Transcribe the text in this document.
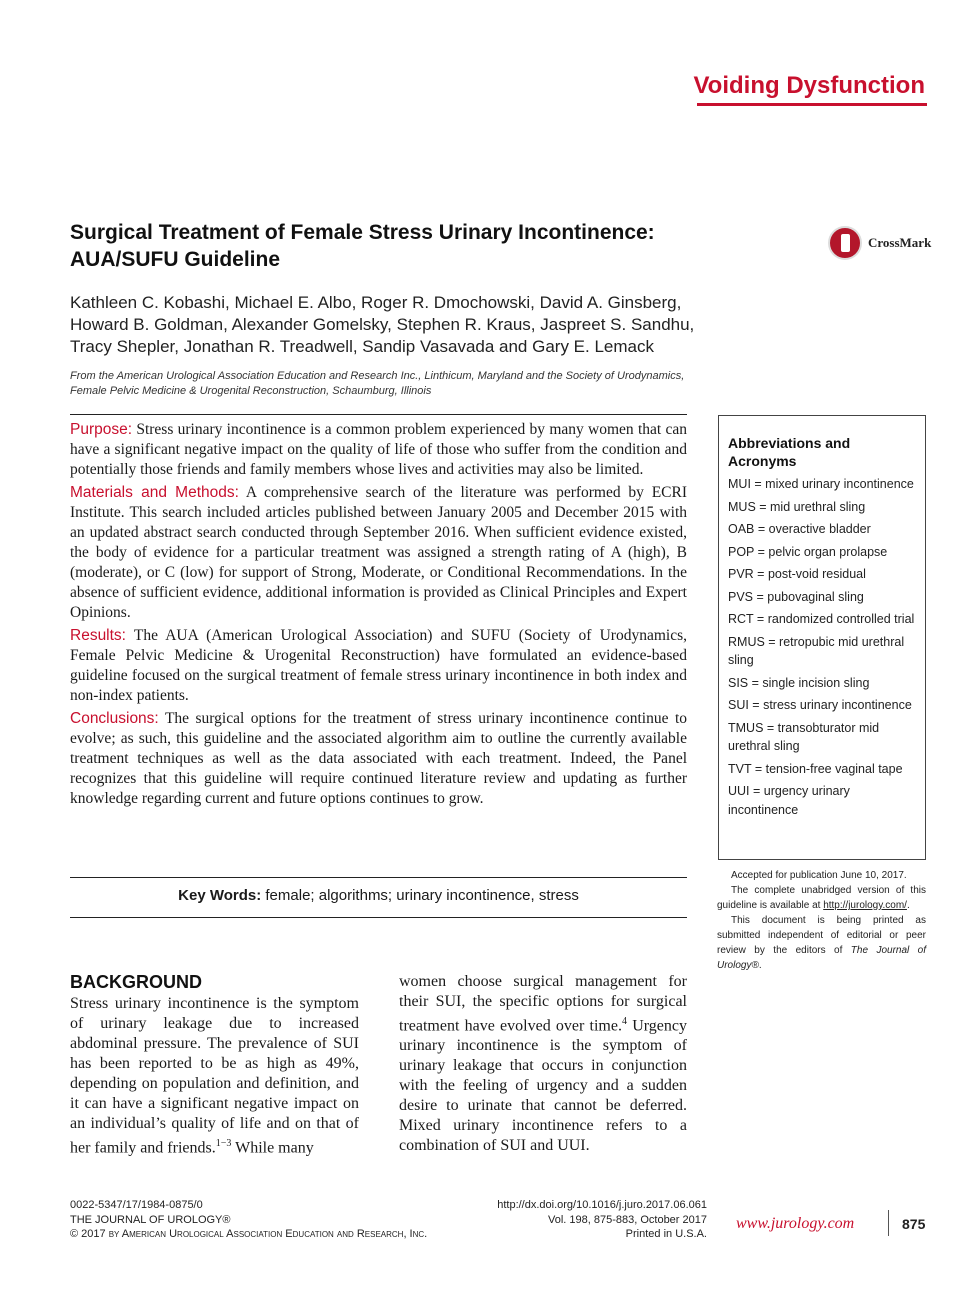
Voiding Dysfunction
Surgical Treatment of Female Stress Urinary Incontinence:
AUA/SUFU Guideline
CrossMark
Kathleen C. Kobashi, Michael E. Albo, Roger R. Dmochowski, David A. Ginsberg,
Howard B. Goldman, Alexander Gomelsky, Stephen R. Kraus, Jaspreet S. Sandhu,
Tracy Shepler, Jonathan R. Treadwell, Sandip Vasavada and Gary E. Lemack
From the American Urological Association Education and Research Inc., Linthicum, Maryland and the Society of Urodynamics,
Female Pelvic Medicine & Urogenital Reconstruction, Schaumburg, Illinois

Purpose: Stress urinary incontinence is a common problem experienced by many women that can have a significant negative impact on the quality of life of those who suffer from the condition and potentially those friends and family members whose lives and activities may also be limited.

Materials and Methods: A comprehensive search of the literature was performed by ECRI Institute. This search included articles published between January 2005 and December 2015 with an updated abstract search conducted through September 2016. When sufficient evidence existed, the body of evidence for a particular treatment was assigned a strength rating of A (high), B (moderate), or C (low) for support of Strong, Moderate, or Conditional Recommendations. In the absence of sufficient evidence, additional information is provided as Clinical Principles and Expert Opinions.

Results: The AUA (American Urological Association) and SUFU (Society of Urodynamics, Female Pelvic Medicine & Urogenital Reconstruction) have formulated an evidence-based guideline focused on the surgical treatment of female stress urinary incontinence in both index and non-index patients.

Conclusions: The surgical options for the treatment of stress urinary incontinence continue to evolve; as such, this guideline and the associated algorithm aim to outline the currently available treatment techniques as well as the data associated with each treatment. Indeed, the Panel recognizes that this guideline will require continued literature review and updating as further knowledge regarding current and future options continues to grow.

Key Words: female; algorithms; urinary incontinence, stress
Abbreviations and Acronyms
MUI = mixed urinary incontinence
MUS = mid urethral sling
OAB = overactive bladder
POP = pelvic organ prolapse
PVR = post-void residual
PVS = pubovaginal sling
RCT = randomized controlled trial
RMUS = retropubic mid urethral sling
SIS = single incision sling
SUI = stress urinary incontinence
TMUS = transobturator mid urethral sling
TVT = tension-free vaginal tape
UUI = urgency urinary incontinence

Accepted for publication June 10, 2017.

The complete unabridged version of this guideline is available at http://jurology.com/.

This document is being printed as submitted independent of editorial or peer review by the editors of The Journal of Urology®.

BACKGROUND
Stress urinary incontinence is the symptom of urinary leakage due to increased abdominal pressure. The prevalence of SUI has been reported to be as high as 49%, depending on population and definition, and it can have a significant negative impact on an individual’s quality of life and on that of her family and friends.$^{1-3}$ While many
women choose surgical management for their SUI, the specific options for surgical treatment have evolved over time.$^4$ Urgency urinary incontinence is the symptom of urinary leakage that occurs in conjunction with the feeling of urgency and a sudden desire to urinate that cannot be deferred. Mixed urinary incontinence refers to a combination of SUI and UUI.
0022-5347/17/1984-0875/0
THE JOURNAL OF UROLOGY®
© 2017 by American Urological Association Education and Research, Inc.
http://dx.doi.org/10.1016/j.juro.2017.06.061
Vol. 198, 875-883, October 2017
Printed in U.S.A.
www.jurology.com	875
